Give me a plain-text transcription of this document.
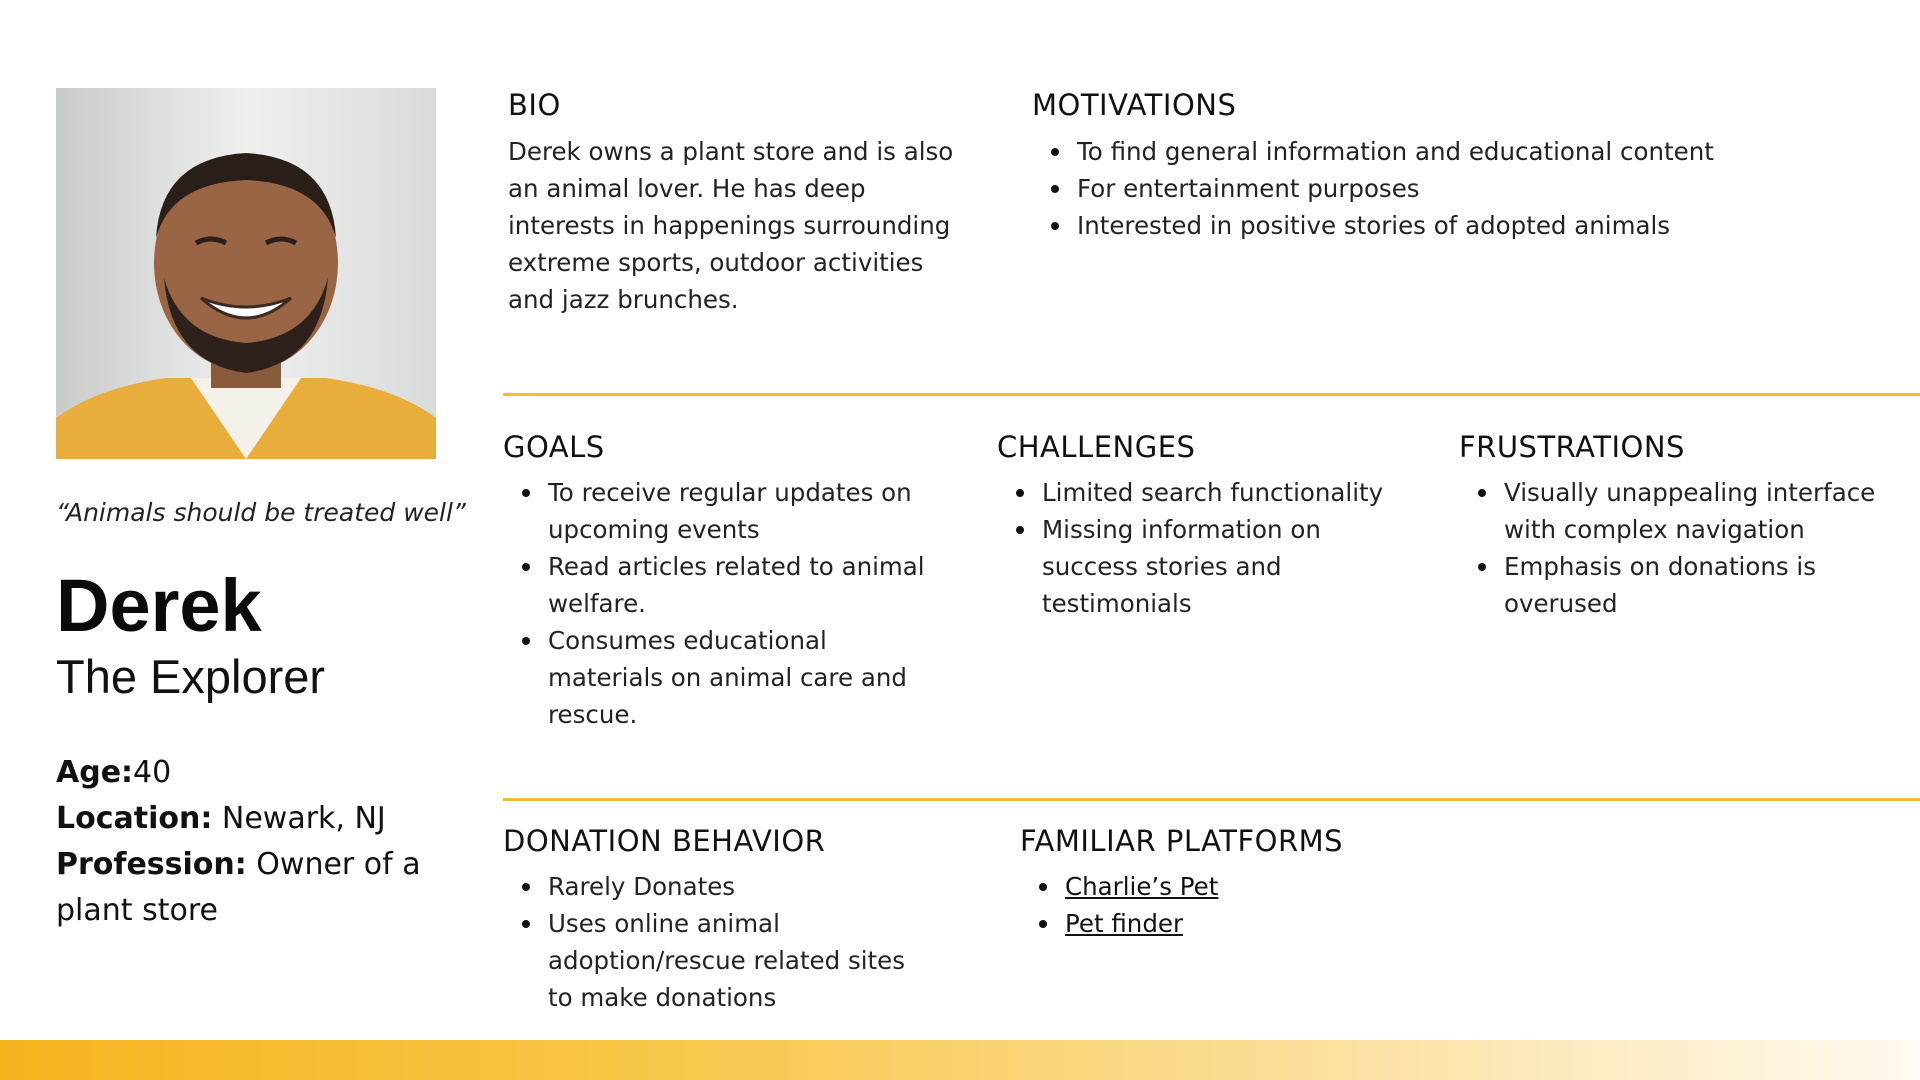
“Animals should be treated well”
Derek
The Explorer

Age:40

Location: Newark, NJ

Profession: Owner of a plant store

BIO

Derek owns a plant store and is also an animal lover. He has deep interests in happenings surrounding extreme sports, outdoor activities and jazz brunches.

MOTIVATIONS
To find general information and educational content
For entertainment purposes
Interested in positive stories of adopted animals
GOALS
To receive regular updates on upcoming events
Read articles related to animal welfare.
Consumes educational materials on animal care and rescue.
CHALLENGES
Limited search functionality
Missing information on success stories and testimonials
FRUSTRATIONS
Visually unappealing interface with complex navigation
Emphasis on donations is overused
DONATION BEHAVIOR
Rarely Donates
Uses online animal adoption/rescue related sites to make donations
FAMILIAR PLATFORMS
Charlie’s Pet
Pet finder
